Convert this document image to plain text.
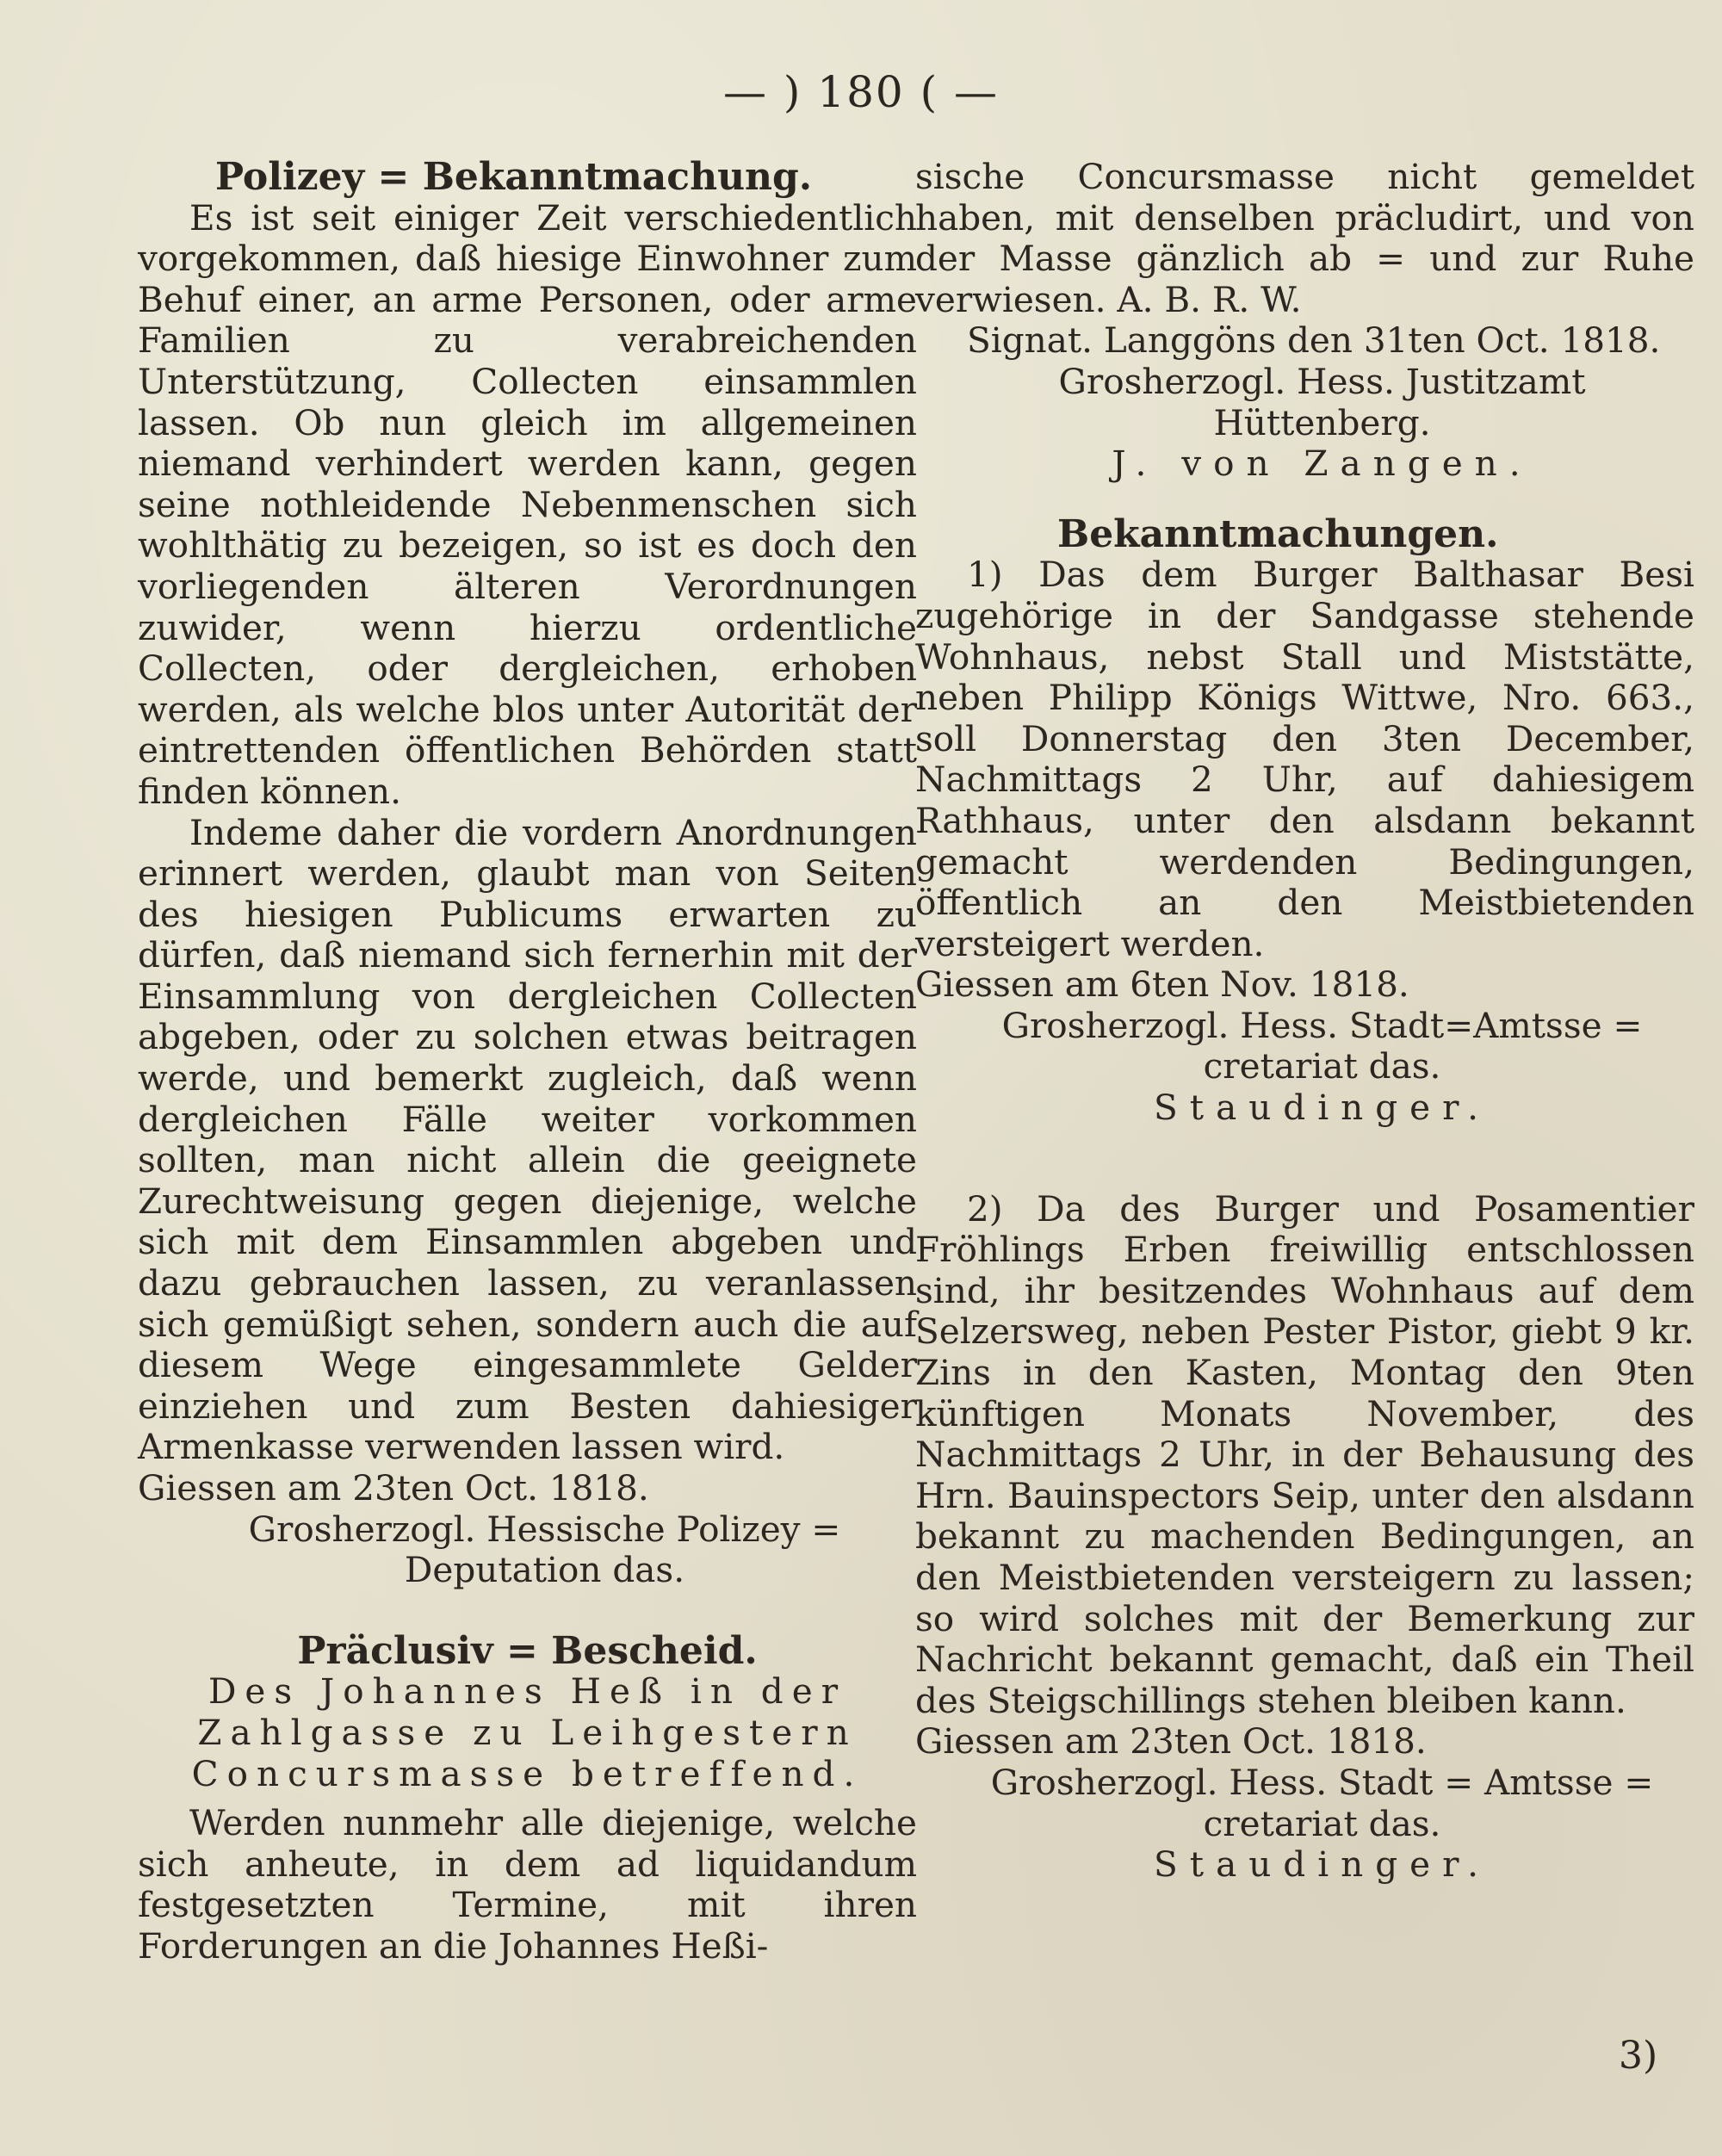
— ) 180 ( —

Polizey = Bekanntmachung.

Es ist seit einiger Zeit verschiedentlich vorgekommen, daß hiesige Einwohner zum Behuf einer, an arme Personen, oder arme Familien zu verabreichenden Unterstützung, Collecten einsammlen lassen. Ob nun gleich im allgemeinen niemand verhindert werden kann, gegen seine nothleidende Nebenmenschen sich wohlthätig zu bezeigen, so ist es doch den vorliegenden älteren Verordnungen zuwider, wenn hierzu ordentliche Collecten, oder dergleichen, erhoben werden, als welche blos unter Autorität der eintrettenden öffentlichen Behörden statt finden können.

Indeme daher die vordern Anordnungen erinnert werden, glaubt man von Seiten des hiesigen Publicums erwarten zu dürfen, daß niemand sich fernerhin mit der Einsammlung von dergleichen Collecten abgeben, oder zu solchen etwas beitragen werde, und bemerkt zugleich, daß wenn dergleichen Fälle weiter vorkommen sollten, man nicht allein die geeignete Zurechtweisung gegen diejenige, welche sich mit dem Einsammlen abgeben und dazu gebrauchen lassen, zu veranlassen sich gemüßigt sehen, sondern auch die auf diesem Wege eingesammlete Gelder einziehen und zum Besten dahiesiger Armenkasse verwenden lassen wird.

Giessen am 23ten Oct. 1818.

Grosherzogl. Hessische Polizey =

Deputation das.

Präclusiv = Bescheid.

Des Johannes Heß in der

Zahlgasse zu Leihgestern

Concursmasse betreffend.

Werden nunmehr alle diejenige, welche sich anheute, in dem ad liquidandum festgesetzten Termine, mit ihren Forderungen an die Johannes Heßi-

sische Concursmasse nicht gemeldet haben, mit denselben präcludirt, und von der Masse gänzlich ab = und zur Ruhe verwiesen. A. B. R. W.

Signat. Langgöns den 31ten Oct. 1818.

Grosherzogl. Hess. Justitzamt Hüttenberg.

J. von Zangen.

Bekanntmachungen.

1) Das dem Burger Balthasar Besi zugehörige in der Sandgasse stehende Wohnhaus, nebst Stall und Miststätte, neben Philipp Königs Wittwe, Nro. 663., soll Donnerstag den 3ten December, Nachmittags 2 Uhr, auf dahiesigem Rathhaus, unter den alsdann bekannt gemacht werdenden Bedingungen, öffentlich an den Meistbietenden versteigert werden.

Giessen am 6ten Nov. 1818.

Grosherzogl. Hess. Stadt=Amtsse =

cretariat das.

Staudinger.

2) Da des Burger und Posamentier Fröhlings Erben freiwillig entschlossen sind, ihr besitzendes Wohnhaus auf dem Selzersweg, neben Pester Pistor, giebt 9 kr. Zins in den Kasten, Montag den 9ten künftigen Monats November, des Nachmittags 2 Uhr, in der Behausung des Hrn. Bauinspectors Seip, unter den alsdann bekannt zu machenden Bedingungen, an den Meistbietenden versteigern zu lassen; so wird solches mit der Bemerkung zur Nachricht bekannt gemacht, daß ein Theil des Steigschillings stehen bleiben kann.

Giessen am 23ten Oct. 1818.

Grosherzogl. Hess. Stadt = Amtsse =

cretariat das.

Staudinger.

3)
